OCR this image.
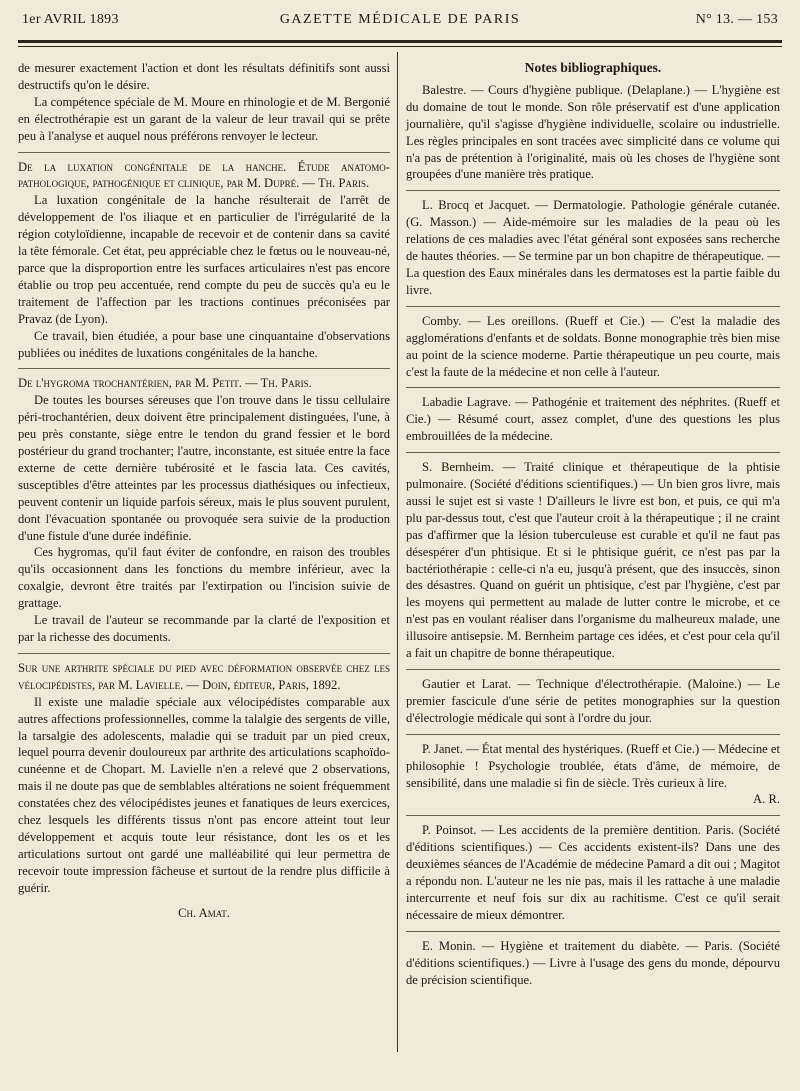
1er AVRIL 1893	GAZETTE MÉDICALE DE PARIS	N° 13. — 153

de mesurer exactement l'action et dont les résultats définitifs sont aussi destructifs qu'on le désire.

La compétence spéciale de M. Moure en rhinologie et de M. Bergonié en électrothérapie est un garant de la valeur de leur travail qui se prête peu à l'analyse et auquel nous préférons renvoyer le lecteur.

De la luxation congénitale de la hanche. Étude anatomo-pathologique, pathogénique et clinique, par M. Dupré. — Th. Paris.

La luxation congénitale de la hanche résulterait de l'arrêt de développement de l'os iliaque et en particulier de l'irrégularité de la région cotyloïdienne, incapable de recevoir et de contenir dans sa cavité la tête fémorale. Cet état, peu appréciable chez le fœtus ou le nouveau-né, parce que la disproportion entre les surfaces articulaires n'est pas encore établie ou trop peu accentuée, rend compte du peu de succès qu'a eu le traitement de l'affection par les tractions continues préconisées par Pravaz (de Lyon).

Ce travail, bien étudiée, a pour base une cinquantaine d'observations publiées ou inédites de luxations congénitales de la hanche.

De l'hygroma trochantérien, par M. Petit. — Th. Paris.

De toutes les bourses séreuses que l'on trouve dans le tissu cellulaire péri-trochantérien, deux doivent être principalement distinguées, l'une, à peu près constante, siège entre le tendon du grand fessier et le bord postérieur du grand trochanter; l'autre, inconstante, est située entre la face externe de cette dernière tubérosité et le fascia lata. Ces cavités, susceptibles d'être atteintes par les processus diathésiques ou infectieux, peuvent contenir un liquide parfois séreux, mais le plus souvent purulent, dont l'évacuation spontanée ou provoquée sera suivie de la production d'une fistule d'une durée indéfinie.

Ces hygromas, qu'il faut éviter de confondre, en raison des troubles qu'ils occasionnent dans les fonctions du membre inférieur, avec la coxalgie, devront être traités par l'extirpation ou l'incision suivie de grattage.

Le travail de l'auteur se recommande par la clarté de l'exposition et par la richesse des documents.

Sur une arthrite spéciale du pied avec déformation observée chez les vélocipédistes, par M. Lavielle. — Doin, éditeur, Paris, 1892.

Il existe une maladie spéciale aux vélocipédistes comparable aux autres affections professionnelles, comme la talalgie des sergents de ville, la tarsalgie des adolescents, maladie qui se traduit par un pied creux, lequel pourra devenir douloureux par arthrite des articulations scaphoïdo-cunéenne et de Chopart. M. Lavielle n'en a relevé que 2 observations, mais il ne doute pas que de semblables altérations ne soient fréquemment constatées chez des vélocipédistes jeunes et fanatiques de leurs exercices, chez lesquels les différents tissus n'ont pas encore atteint tout leur développement et acquis toute leur résistance, dont les os et les articulations surtout ont gardé une malléabilité qui leur permettra de recevoir toute impression fâcheuse et surtout de la rendre plus difficile à guérir.

Ch. Amat.

Notes bibliographiques.

Balestre. — Cours d'hygiène publique. (Delaplane.) — L'hygiène est du domaine de tout le monde. Son rôle préservatif est d'une application journalière, qu'il s'agisse d'hygiène individuelle, scolaire ou industrielle. Les règles principales en sont tracées avec simplicité dans ce volume qui n'a pas de prétention à l'originalité, mais où les choses de l'hygiène sont groupées d'une manière très pratique.

L. Brocq et Jacquet. — Dermatologie. Pathologie générale cutanée. (G. Masson.) — Aide-mémoire sur les maladies de la peau où les relations de ces maladies avec l'état général sont exposées sans recherche de hautes théories. — Se termine par un bon chapitre de thérapeutique. — La question des Eaux minérales dans les dermatoses est la partie faible du livre.

Comby. — Les oreillons. (Rueff et Cie.) — C'est la maladie des agglomérations d'enfants et de soldats. Bonne monographie très bien mise au point de la science moderne. Partie thérapeutique un peu courte, mais c'est la faute de la médecine et non celle à l'auteur.

Labadie Lagrave. — Pathogénie et traitement des néphrites. (Rueff et Cie.) — Résumé court, assez complet, d'une des questions les plus embrouillées de la médecine.

S. Bernheim. — Traité clinique et thérapeutique de la phtisie pulmonaire. (Société d'éditions scientifiques.) — Un bien gros livre, mais aussi le sujet est si vaste ! D'ailleurs le livre est bon, et puis, ce qui m'a plu par-dessus tout, c'est que l'auteur croit à la thérapeutique ; il ne craint pas d'affirmer que la lésion tuberculeuse est curable et qu'il ne faut pas désespérer d'un phtisique. Et si le phtisique guérit, ce n'est pas par la bactériothérapie : celle-ci n'a eu, jusqu'à présent, que des insuccès, sinon des désastres. Quand on guérit un phtisique, c'est par l'hygiène, c'est par les moyens qui permettent au malade de lutter contre le microbe, et ce n'est pas en voulant réaliser dans l'organisme du malheureux malade, une illusoire antisepsie. M. Bernheim partage ces idées, et c'est pour cela qu'il a fait un chapitre de bonne thérapeutique.

Gautier et Larat. — Technique d'électrothérapie. (Maloine.) — Le premier fascicule d'une série de petites monographies sur la question d'électrologie médicale qui sont à l'ordre du jour.

P. Janet. — État mental des hystériques. (Rueff et Cie.) — Médecine et philosophie ! Psychologie troublée, états d'âme, de mémoire, de sensibilité, dans une maladie si fin de siècle. Très curieux à lire.

A. R.

P. Poinsot. — Les accidents de la première dentition. Paris. (Société d'éditions scientifiques.) — Ces accidents existent-ils? Dans une des deuxièmes séances de l'Académie de médecine Pamard a dit oui ; Magitot a répondu non. L'auteur ne les nie pas, mais il les rattache à une maladie intercurrente et neuf fois sur dix au rachitisme. C'est ce qu'il serait nécessaire de mieux démontrer.

E. Monin. — Hygiène et traitement du diabète. — Paris. (Société d'éditions scientifiques.) — Livre à l'usage des gens du monde, dépourvu de précision scientifique.
